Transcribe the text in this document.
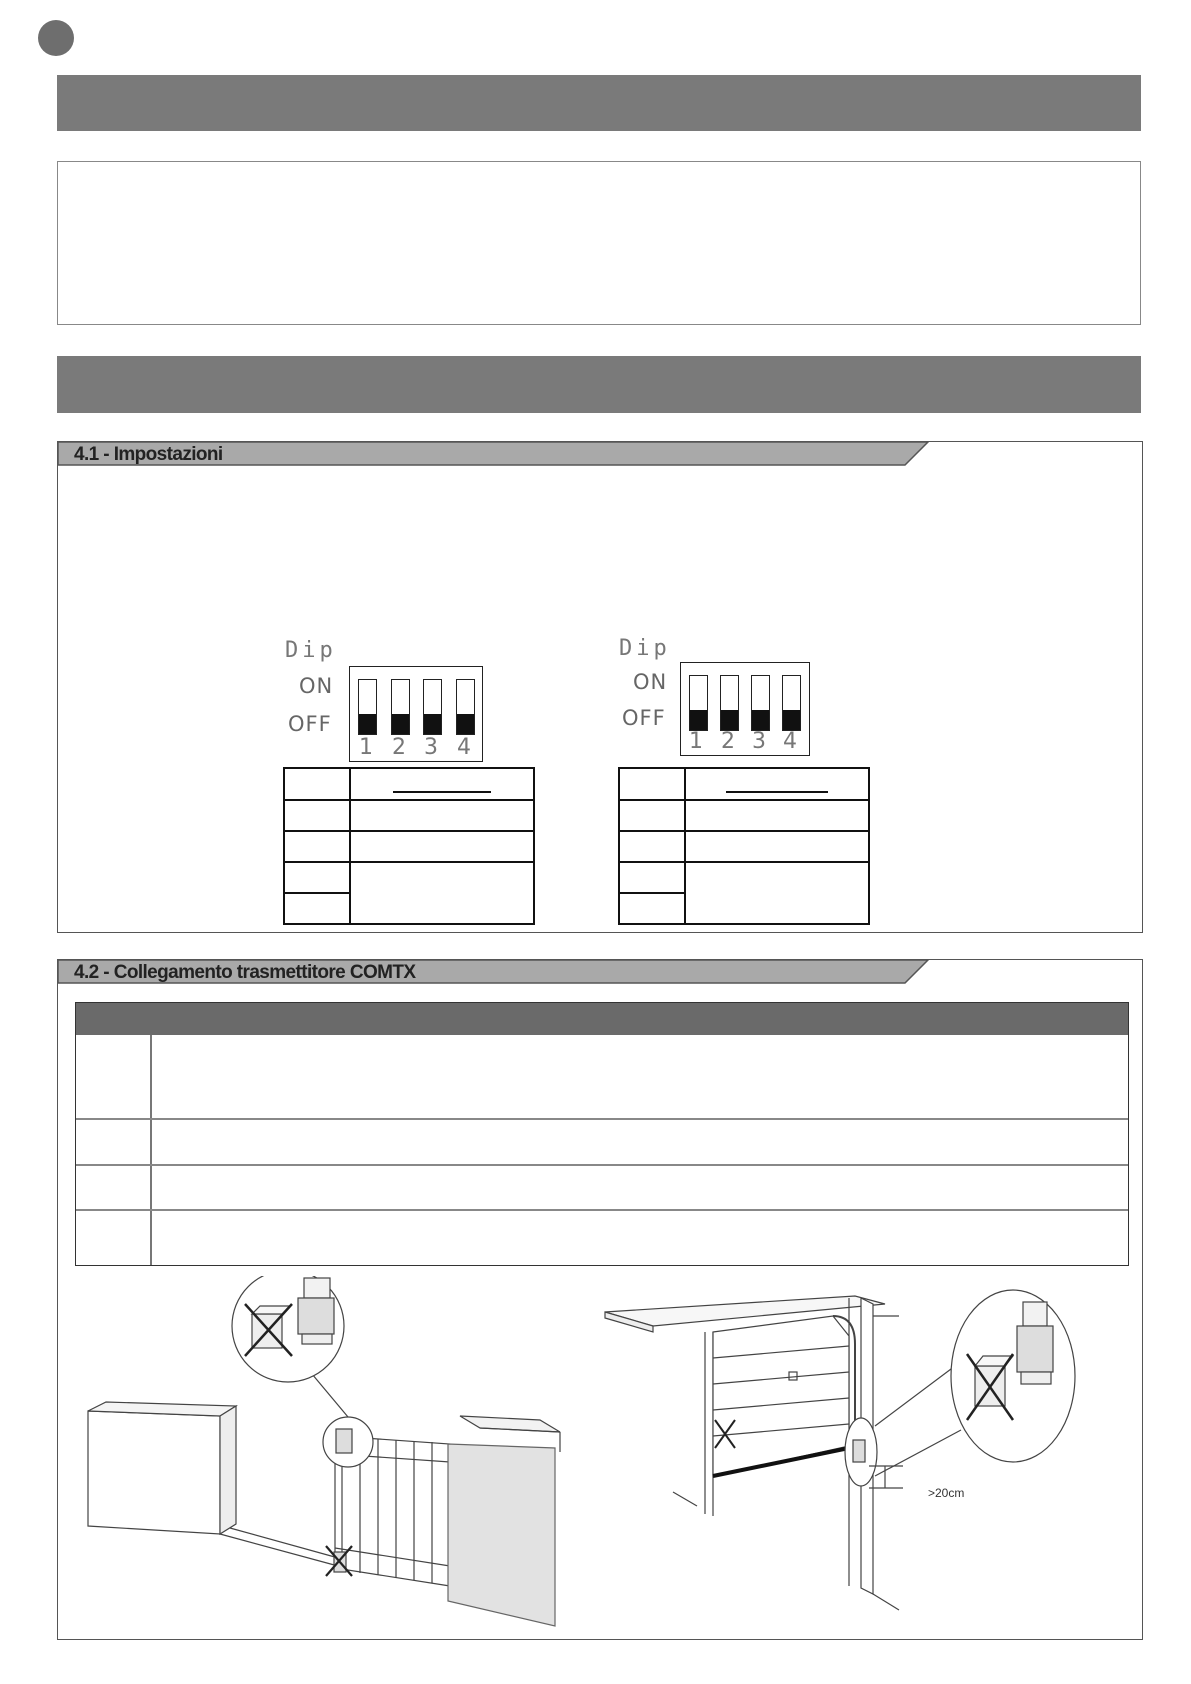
4.1 - Impostazioni
Dip
ON
OFF
1 2 3 4
Dip
ON
OFF
1 2 3 4

4.2 - Collegamento trasmettitore COMTX
>20cm
